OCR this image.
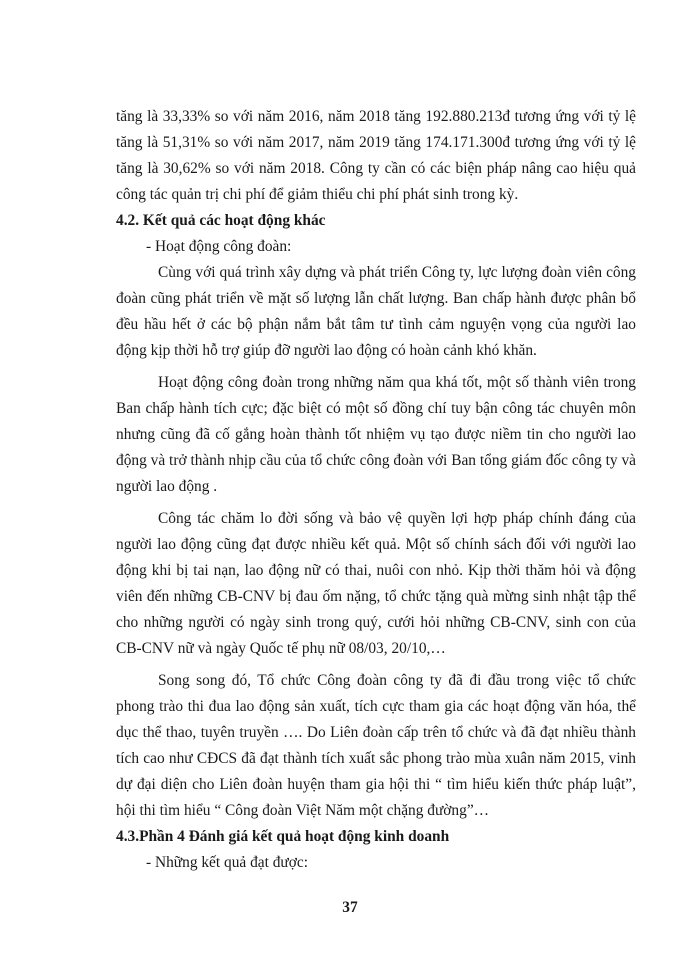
tăng là 33,33% so với năm 2016, năm 2018 tăng 192.880.213đ tương ứng với tỷ lệ
tăng là 51,31% so với năm 2017, năm 2019 tăng 174.171.300đ tương ứng với tỷ lệ
tăng là 30,62% so với năm 2018. Công ty cần có các biện pháp nâng cao hiệu quả
công tác quản trị chi phí để giảm thiểu chi phí phát sinh trong kỳ.
4.2. Kết quả các hoạt động khác
- Hoạt động công đoàn:
Cùng với quá trình xây dựng và phát triển Công ty, lực lượng đoàn viên công
đoàn cũng phát triển về mặt số lượng lẫn chất lượng. Ban chấp hành được phân bổ
đều hầu hết ở các bộ phận nắm bắt tâm tư tình cảm nguyện vọng của người lao
động kịp thời hỗ trợ giúp đỡ người lao động có hoàn cảnh khó khăn.
Hoạt động công đoàn trong những năm qua khá tốt, một số thành viên trong
Ban chấp hành tích cực; đặc biệt có một số đồng chí tuy bận công tác chuyên môn
nhưng cũng đã cố gắng hoàn thành tốt nhiệm vụ tạo được niềm tin cho người lao
động và trở thành nhịp cầu của tổ chức công đoàn với Ban tổng giám đốc công ty và
người lao động .
Công tác chăm lo đời sống và bảo vệ quyền lợi hợp pháp chính đáng của
người lao động cũng đạt được nhiều kết quả. Một số chính sách đối với người lao
động khi bị tai nạn, lao động nữ có thai, nuôi con nhỏ. Kịp thời thăm hỏi và động
viên đến những CB-CNV bị đau ốm nặng, tổ chức tặng quà mừng sinh nhật tập thể
cho những người có ngày sinh trong quý, cưới hỏi những CB-CNV, sinh con của
CB-CNV nữ và ngày Quốc tế phụ nữ 08/03, 20/10,…
Song song đó, Tổ chức Công đoàn công ty đã đi đầu trong việc tổ chức
phong trào thi đua lao động sản xuất, tích cực tham gia các hoạt động văn hóa, thể
dục thể thao, tuyên truyền …. Do Liên đoàn cấp trên tổ chức và đã đạt nhiều thành
tích cao như CĐCS đã đạt thành tích xuất sắc phong trào mùa xuân năm 2015, vinh
dự đại diện cho Liên đoàn huyện tham gia hội thi “ tìm hiểu kiến thức pháp luật”,
hội thi tìm hiểu “ Công đoàn Việt Năm một chặng đường”…
4.3.Phần 4 Đánh giá kết quả hoạt động kinh doanh
- Những kết quả đạt được:
37
